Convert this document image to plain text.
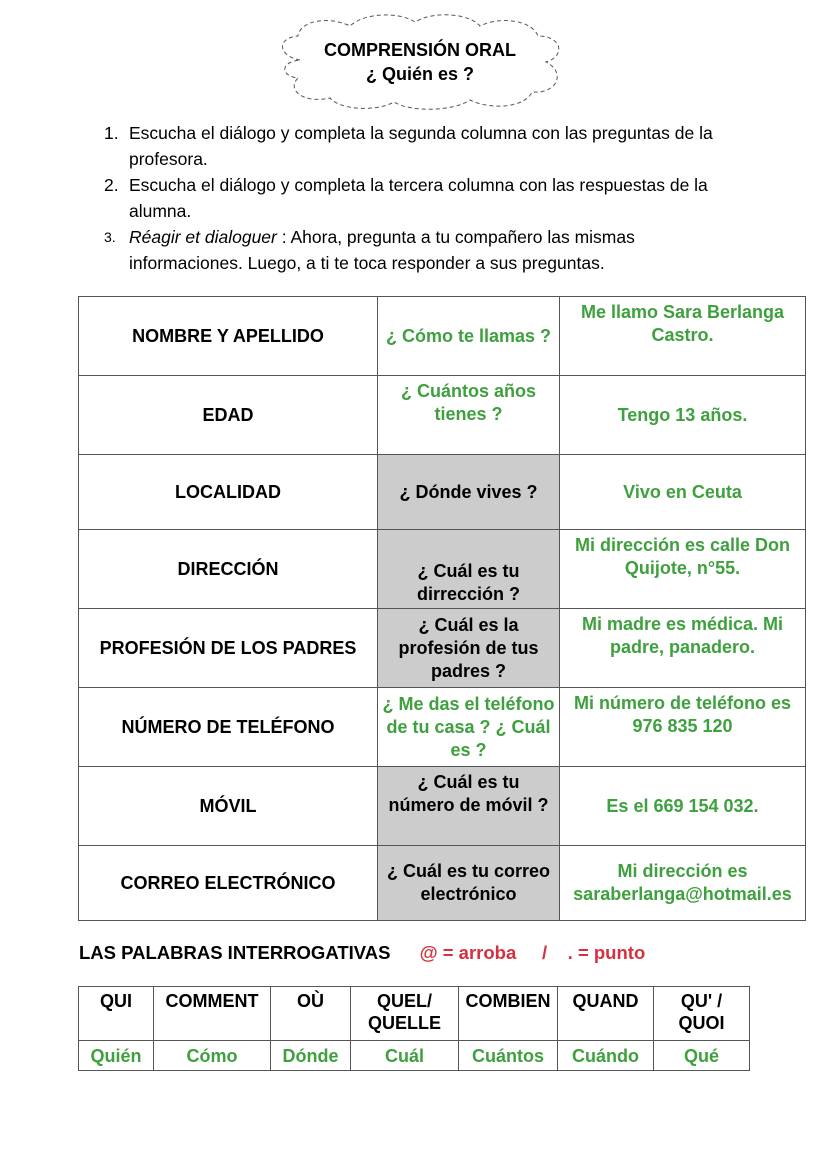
COMPRENSIÓN ORAL
¿ Quién es ?
1. Escucha el diálogo y completa la segunda columna con las preguntas de la profesora.
2. Escucha el diálogo y completa la tercera columna con las respuestas de la alumna.
3. Réagir et dialoguer : Ahora, pregunta a tu compañero las mismas informaciones. Luego, a ti te toca responder a sus preguntas.
NOMBRE Y APELLIDO	¿ Cómo te llamas ?	Me llamo Sara Berlanga Castro.
EDAD	¿ Cuántos años tienes ?	Tengo 13 años.
LOCALIDAD	¿ Dónde vives ?	Vivo en Ceuta
DIRECCIÓN	¿ Cuál es tu dirrección ?	Mi dirección es calle Don Quijote, n°55.
PROFESIÓN DE LOS PADRES	¿ Cuál es la profesión de tus padres ?	Mi madre es médica. Mi padre, panadero.
NÚMERO DE TELÉFONO	¿ Me das el teléfono de tu casa ? ¿ Cuál es ?	Mi número de teléfono es 976 835 120
MÓVIL	¿ Cuál es tu número de móvil ?	Es el 669 154 032.
CORREO ELECTRÓNICO	¿ Cuál es tu correo electrónico	Mi dirección es saraberlanga@hotmail.es
LAS PALABRAS INTERROGATIVAS @ = arroba     /    . = punto
QUI	COMMENT	OÙ	QUEL/ QUELLE	COMBIEN	QUAND	QU' / QUOI
Quién	Cómo	Dónde	Cuál	Cuántos	Cuándo	Qué
